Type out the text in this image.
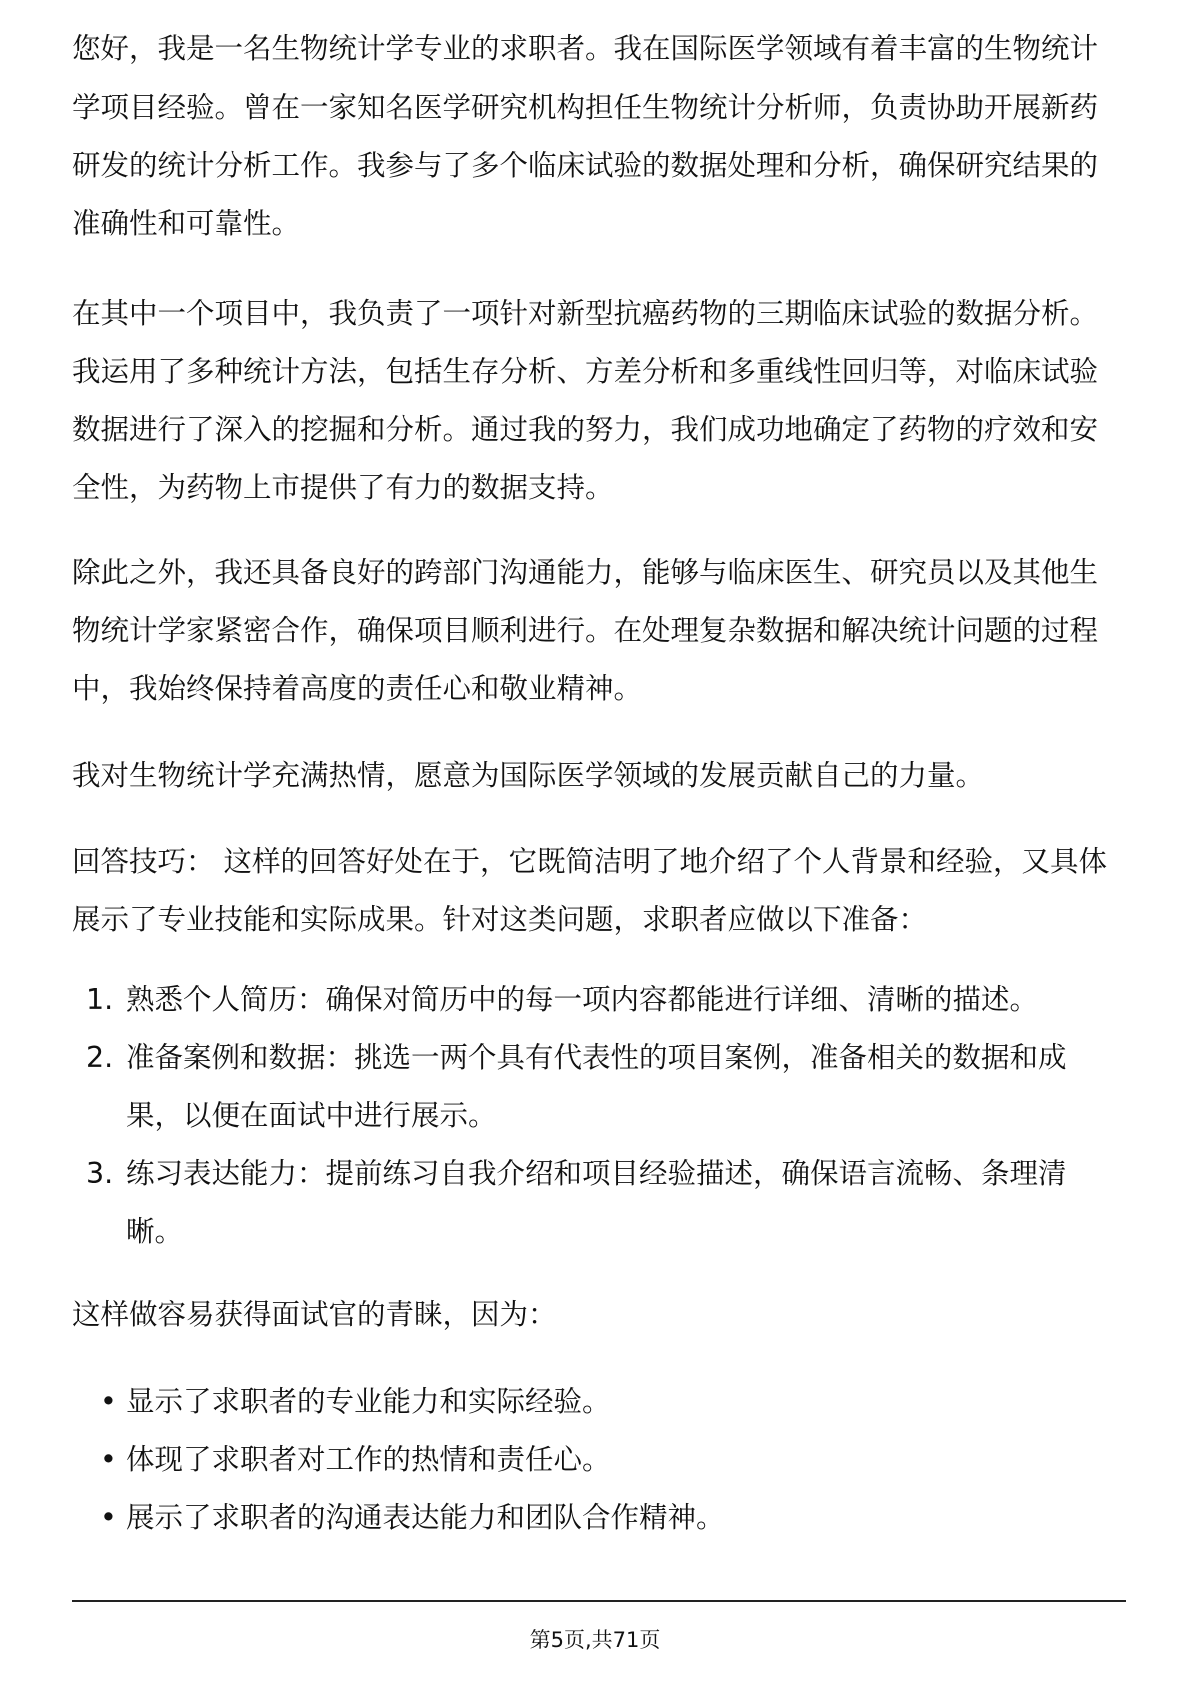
您好，我是一名生物统计学专业的求职者。我在国际医学领域有着丰富的生物统计
学项目经验。曾在一家知名医学研究机构担任生物统计分析师，负责协助开展新药
研发的统计分析工作。我参与了多个临床试验的数据处理和分析，确保研究结果的
准确性和可靠性。
在其中一个项目中，我负责了一项针对新型抗癌药物的三期临床试验的数据分析。
我运用了多种统计方法，包括生存分析、方差分析和多重线性回归等，对临床试验
数据进行了深入的挖掘和分析。通过我的努力，我们成功地确定了药物的疗效和安
全性，为药物上市提供了有力的数据支持。
除此之外，我还具备良好的跨部门沟通能力，能够与临床医生、研究员以及其他生
物统计学家紧密合作，确保项目顺利进行。在处理复杂数据和解决统计问题的过程
中，我始终保持着高度的责任心和敬业精神。
我对生物统计学充满热情，愿意为国际医学领域的发展贡献自己的力量。
回答技巧： 这样的回答好处在于，它既简洁明了地介绍了个人背景和经验，又具体
展示了专业技能和实际成果。针对这类问题，求职者应做以下准备：
1. 熟悉个人简历：确保对简历中的每一项内容都能进行详细、清晰的描述。
2. 准备案例和数据：挑选一两个具有代表性的项目案例，准备相关的数据和成
果，以便在面试中进行展示。
3. 练习表达能力：提前练习自我介绍和项目经验描述，确保语言流畅、条理清
晰。
这样做容易获得面试官的青睐，因为：
• 显示了求职者的专业能力和实际经验。
• 体现了求职者对工作的热情和责任心。
• 展示了求职者的沟通表达能力和团队合作精神。
第5页,共71页
